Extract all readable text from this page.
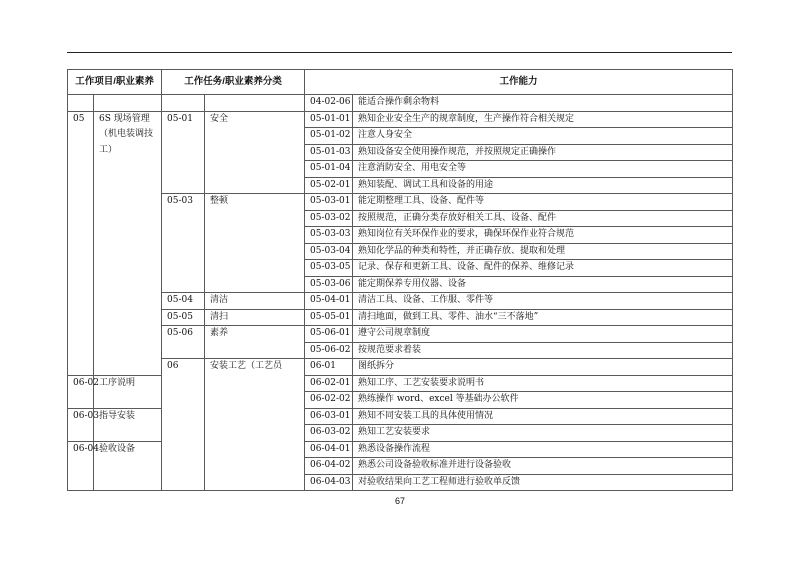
工作项目/职业素养		工作任务/职业素养分类		工作能力		
				04-02-06	能适合操作剩余物料	
05	6S 现场管理（机电装调技工）	05-01	安全	05-01-01	熟知企业安全生产的规章制度，生产操作符合相关规定	
				05-01-02	注意人身安全	
				05-01-03	熟知设备安全使用操作规范，并按照规定正确操作	
				05-01-04	注意消防安全、用电安全等	
				05-02-01	熟知装配、调试工具和设备的用途	
		05-03	整顿	05-03-01	能定期整理工具、设备、配件等	
				05-03-02	按照规范，正确分类存放好相关工具、设备、配件	
				05-03-03	熟知岗位有关环保作业的要求，确保环保作业符合规范	
				05-03-04	熟知化学品的种类和特性，并正确存放、提取和处理	
				05-03-05	记录、保存和更新工具、设备、配件的保养、维修记录	
				05-03-06	能定期保养专用仪器、设备	
		05-04	清洁	05-04-01	清洁工具、设备、工作服、零件等	
		05-05	清扫	05-05-01	清扫地面，做到工具、零件、油水“三不落地”	
		05-06	素养	05-06-01	遵守公司规章制度	
				05-06-02	按规范要求着装	
		06	安装工艺（工艺员	06-01	图纸拆分		
06-02	工序说明			06-02-01	熟知工序、工艺安装要求说明书	
				06-02-02	熟练操作 word、excel 等基础办公软件	
06-03	指导安装			06-03-01	熟知不同安装工具的具体使用情况	
				06-03-02	熟知工艺安装要求	
06-04	验收设备			06-04-01	熟悉设备操作流程	
				06-04-02	熟悉公司设备验收标准并进行设备验收	
				06-04-03	对验收结果向工艺工程师进行验收单反馈	
67
